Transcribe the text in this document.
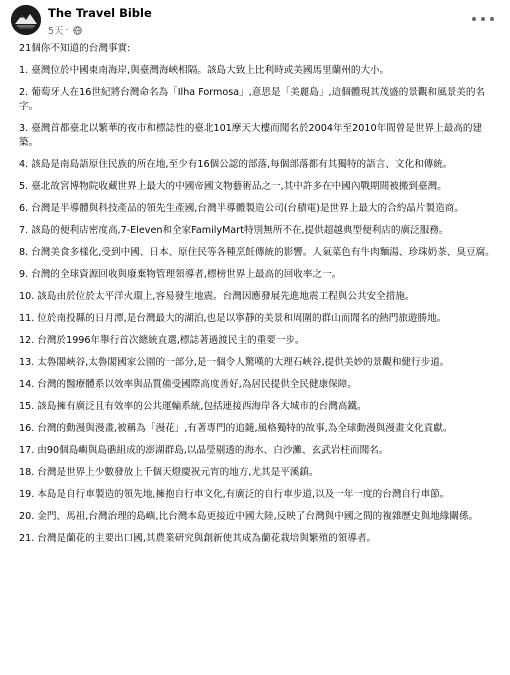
The Travel Bible
5天 ·

21個你不知道的台灣事實:

1. 臺灣位於中國東南海岸,與臺灣海峽相隔。該島大致上比利時或美國馬里蘭州的大小。

2. 葡萄牙人在16世紀將台灣命名為「Ilha Formosa」,意思是「美麗島」,這個體現其茂盛的景觀和風景美的名字。

3. 臺灣首都臺北以繁華的夜市和標誌性的臺北101摩天大樓而聞名於2004年至2010年間曾是世界上最高的建築。

4. 該島是南島語原住民族的所在地,至少有16個公認的部落,每個部落都有其獨特的語言、文化和傳統。

5. 臺北故宮博物院收藏世界上最大的中國帝國文物藝術品之一,其中許多在中國內戰期間被搬到臺灣。

6. 台灣是半導體與科技產品的領先生產國,台灣半導體製造公司(台積電)是世界上最大的合約晶片製造商。

7. 該島的便利店密度高,7-Eleven和全家FamilyMart特別無所不在,提供超越典型便利店的廣泛服務。

8. 台灣美食多樣化,受到中國、日本、原住民等各種烹飪傳統的影響。人氣菜色有牛肉麵湯、珍珠奶茶、臭豆腐。

9. 台灣的全球資源回收與廢棄物管理領導者,標榜世界上最高的回收率之一。

10. 該島由於位於太平洋火環上,容易發生地震。台灣因應發展先進地震工程與公共安全措施。

11. 位於南投縣的日月潭,是台灣最大的湖泊,也是以寧靜的美景和周圍的群山而聞名的熱門旅遊勝地。

12. 台灣於1996年舉行首次總統直選,標誌著過渡民主的重要一步。

13. 太魯閣峽谷,太魯閣國家公園的一部分,是一個令人驚嘆的大理石峽谷,提供美妙的景觀和健行步道。

14. 台灣的醫療體系以效率與品質備受國際高度善好,為居民提供全民健康保障。

15. 該島擁有廣泛且有效率的公共運輸系統,包括連接西海岸各大城市的台灣高鐵。

16. 台灣的動漫與漫畫,被稱為「漫花」,有著專門的追隨,風格獨特的故事,為全球動漫與漫畫文化貢獻。

17. 由90個島嶼與島礁組成的澎湖群島,以晶瑩剔透的海水、白沙灘、玄武岩柱而聞名。

18. 台灣是世界上少數發放上千個天燈慶祝元宵的地方,尤其是平溪鎮。

19. 本島是自行車製造的領先地,擁抱自行車文化,有廣泛的自行車步道,以及一年一度的台灣自行車節。

20. 金門、馬祖,台灣治理的島嶼,比台灣本島更接近中國大陸,反映了台灣與中國之間的複雜歷史與地緣關係。

21. 台灣是蘭花的主要出口國,其農業研究與創新使其成為蘭花栽培與繁殖的領導者。
